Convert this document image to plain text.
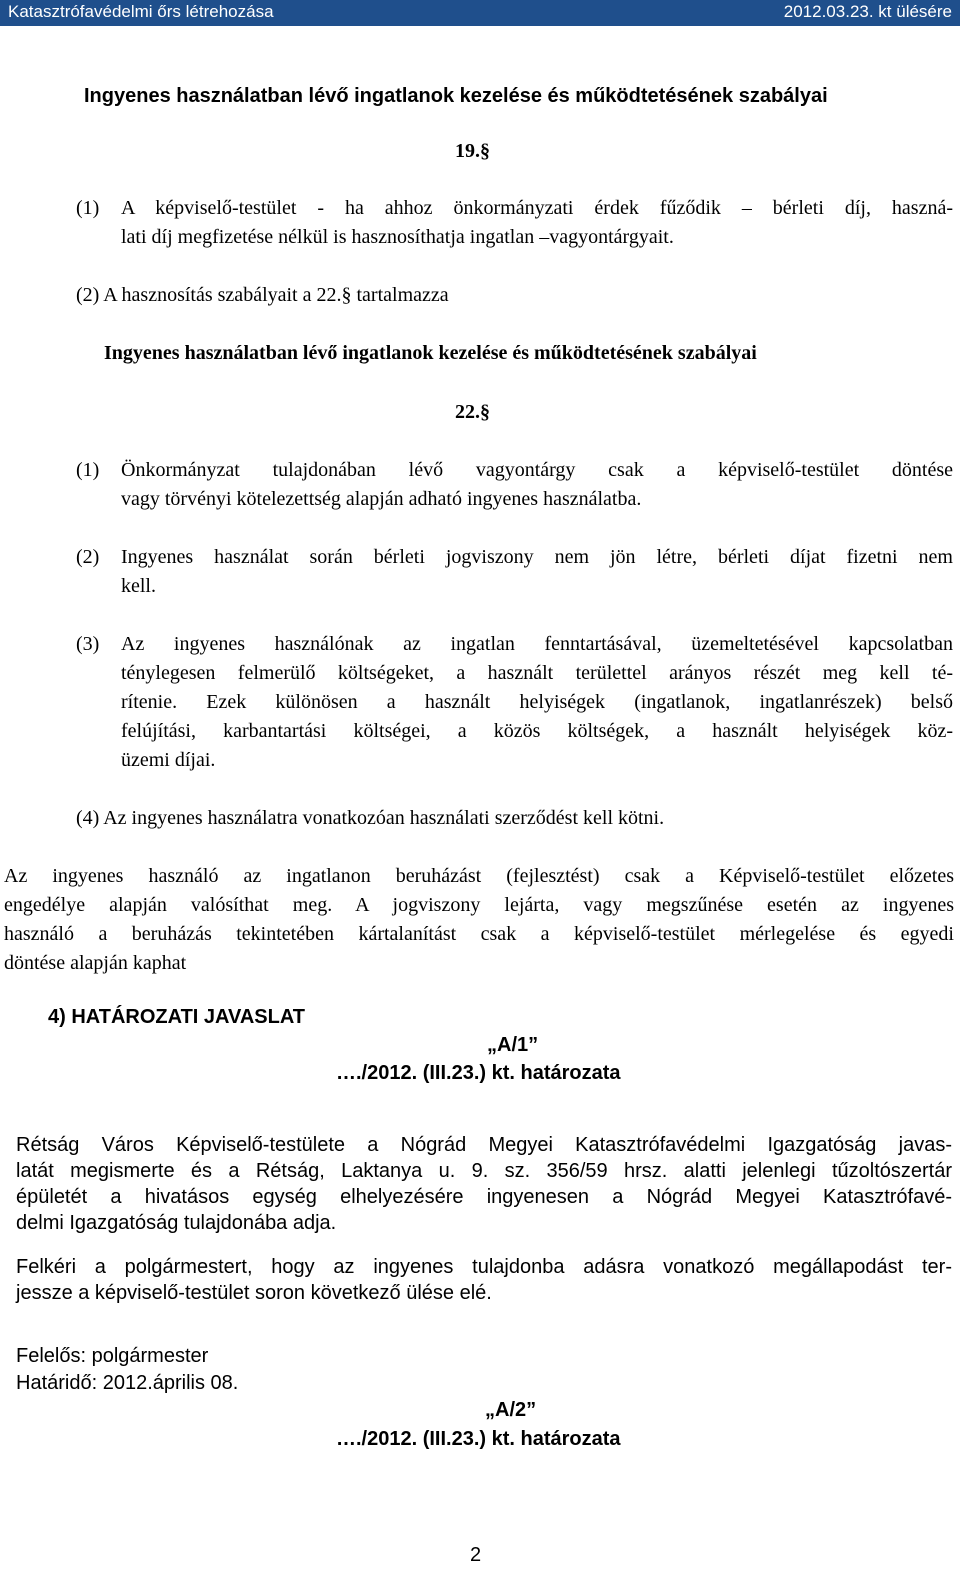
Katasztrófavédelmi őrs létrehozása	2012.03.23. kt ülésére
Ingyenes használatban lévő ingatlanok kezelése és működtetésének szabályai
19.§
(1) A képviselő-testület - ha ahhoz önkormányzati érdek fűződik – bérleti díj, haszná-
lati díj megfizetése nélkül is hasznosíthatja ingatlan –vagyontárgyait.
(2) A hasznosítás szabályait a 22.§ tartalmazza
Ingyenes használatban lévő ingatlanok kezelése és működtetésének szabályai
22.§
(1) Önkormányzat tulajdonában lévő vagyontárgy csak a képviselő-testület döntése
vagy törvényi kötelezettség alapján adható ingyenes használatba.
(2) Ingyenes használat során bérleti jogviszony nem jön létre, bérleti díjat fizetni nem
kell.
(3) Az ingyenes használónak az ingatlan fenntartásával, üzemeltetésével kapcsolatban
ténylegesen felmerülő költségeket, a használt területtel arányos részét meg kell té-
rítenie. Ezek különösen a használt helyiségek (ingatlanok, ingatlanrészek) belső
felújítási, karbantartási költségei, a közös költségek, a használt helyiségek köz-
üzemi díjai.
(4) Az ingyenes használatra vonatkozóan használati szerződést kell kötni.
Az ingyenes használó az ingatlanon beruházást (fejlesztést) csak a Képviselő-testület előzetes
engedélye alapján valósíthat meg. A jogviszony lejárta, vagy megszűnése esetén az ingyenes
használó a beruházás tekintetében kártalanítást csak a képviselő-testület mérlegelése és egyedi
döntése alapján kaphat
4) HATÁROZATI JAVASLAT
„A/1”
…./2012. (III.23.) kt. határozata
Rétság Város Képviselő-testülete a Nógrád Megyei Katasztrófavédelmi Igazgatóság javas-
latát megismerte és a Rétság, Laktanya u. 9. sz. 356/59 hrsz. alatti jelenlegi tűzoltószertár
épületét a hivatásos egység elhelyezésére ingyenesen a Nógrád Megyei Katasztrófavé-
delmi Igazgatóság tulajdonába adja.
Felkéri a polgármestert, hogy az ingyenes tulajdonba adásra vonatkozó megállapodást ter-
jessze a képviselő-testület soron következő ülése elé.
Felelős: polgármester
Határidő: 2012.április 08.
„A/2”
…./2012. (III.23.) kt. határozata
2
